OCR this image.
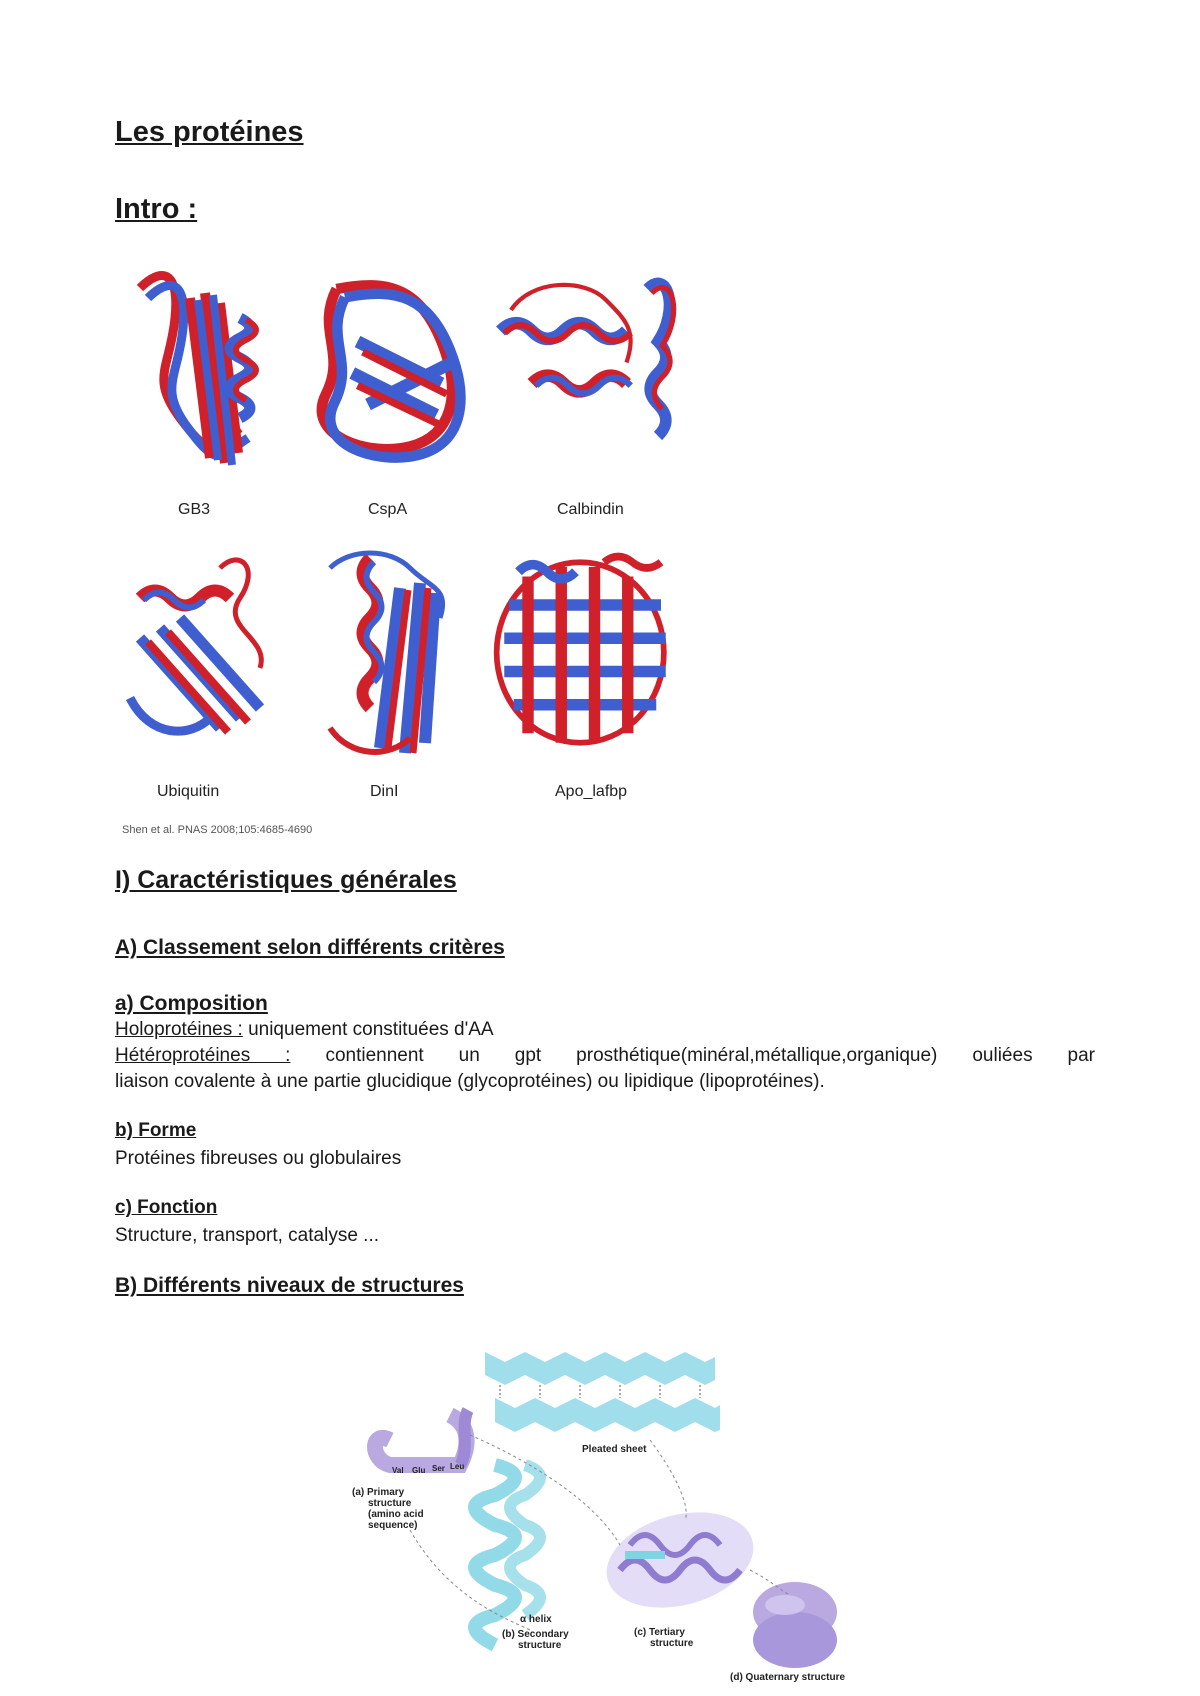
Les protéines
Intro :
GB3	CspA	Calbindin
Ubiquitin	DinI	Apo_lafbp
Shen et al. PNAS 2008;105:4685-4690
I) Caractéristiques générales
A) Classement selon différents critères
a) Composition
Holoprotéines : uniquement constituées d'AA
Hétéroprotéines : contiennent un gpt prosthétique(minéral,métallique,organique) ouliées par
liaison covalente à une partie glucidique (glycoprotéines) ou lipidique (lipoprotéines).
b) Forme
Protéines fibreuses ou globulaires
c) Fonction
Structure, transport, catalyse ...
B) Différents niveaux de structures
Pleated sheet
Val Glu Ser Leu
(a) Primary
structure
(amino acid
sequence)
α helix
(b) Secondary
structure
(c) Tertiary
structure
(d) Quaternary structure
